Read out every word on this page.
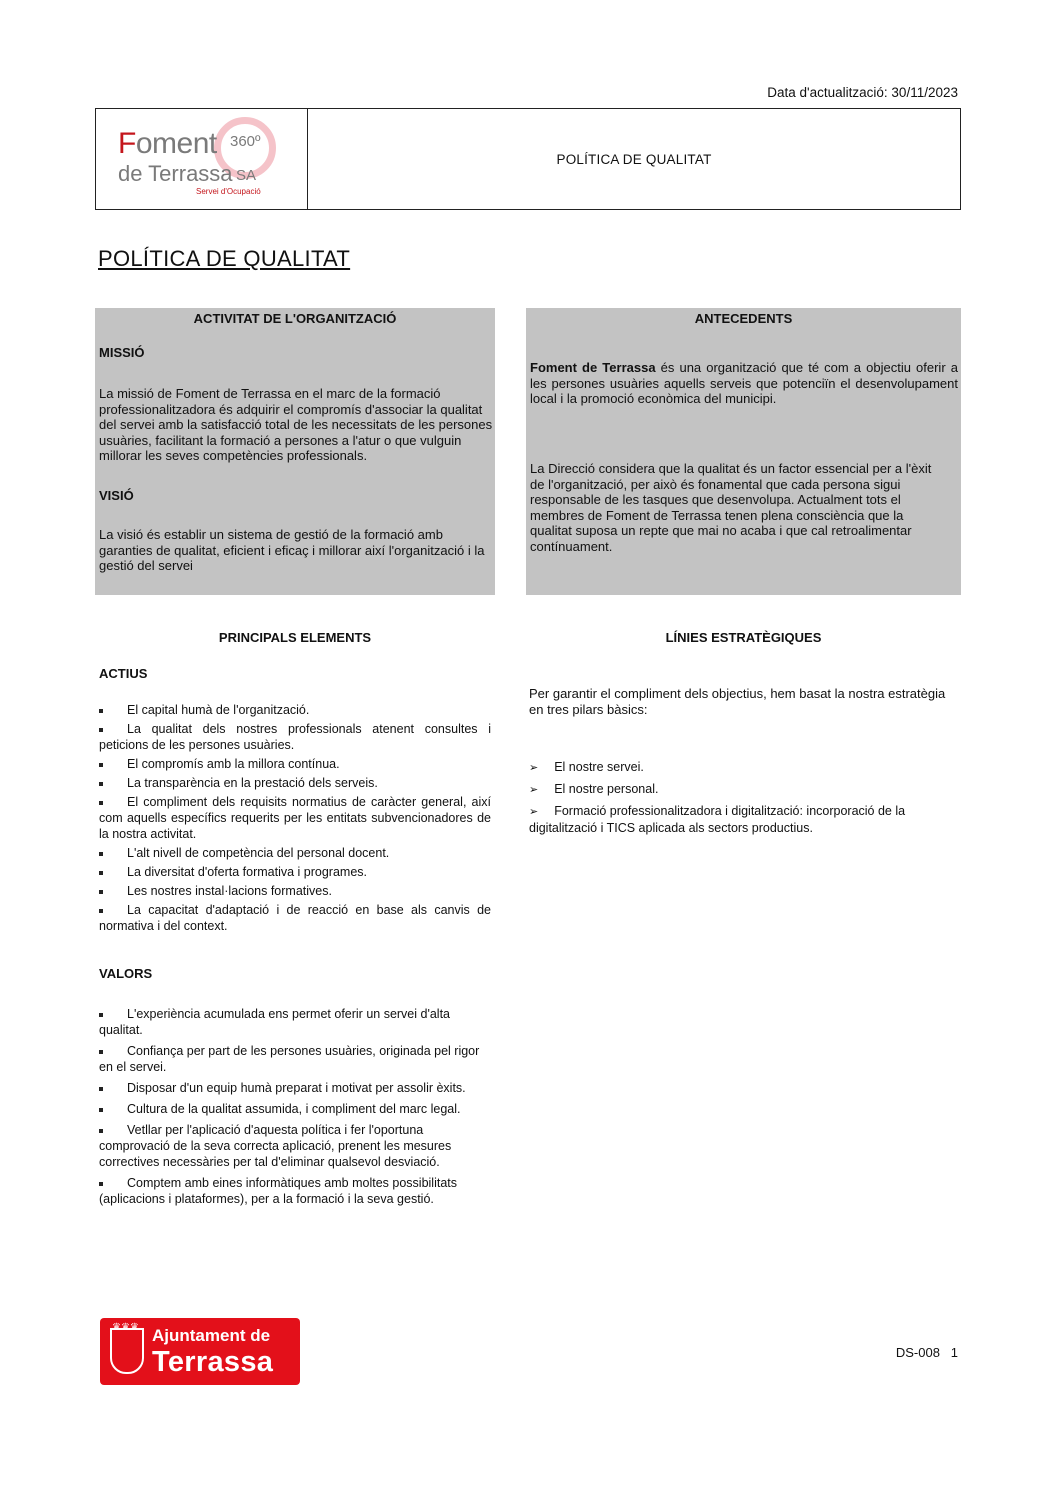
Data d'actualització: 30/11/2023
Foment 360º
de Terrassa SA
Servei d'Ocupació
POLÍTICA DE QUALITAT
POLÍTICA DE QUALITAT
ACTIVITAT DE L'ORGANITZACIÓ
MISSIÓ
La missió de Foment de Terrassa en el marc de la formació professionalitzadora és adquirir el compromís d'associar la qualitat del servei amb la satisfacció total de les necessitats de les persones usuàries, facilitant la formació a persones a l'atur o que vulguin millorar les seves competències professionals.
VISIÓ
La visió és establir un sistema de gestió de la formació amb garanties de qualitat, eficient i eficaç i millorar així l'organització i la gestió del servei
ANTECEDENTS
Foment de Terrassa és una organització que té com a objectiu oferir a les persones usuàries aquells serveis que potenciïn el desenvolupament local i la promoció econòmica del municipi.
La Direcció considera que la qualitat és un factor essencial per a l'èxit de l'organització, per això és fonamental que cada persona sigui responsable de les tasques que desenvolupa. Actualment tots el membres de Foment de Terrassa tenen plena consciència que la qualitat suposa un repte que mai no acaba i que cal retroalimentar contínuament.
PRINCIPALS ELEMENTS
ACTIUS
El capital humà de l'organització.
La qualitat dels nostres professionals atenent consultes i peticions de les persones usuàries.
El compromís amb la millora contínua.
La transparència en la prestació dels serveis.
El compliment dels requisits normatius de caràcter general, així com aquells específics requerits per les entitats subvencionadores de la nostra activitat.
L'alt nivell de competència del personal docent.
La diversitat d'oferta formativa i programes.
Les nostres instal·lacions formatives.
La capacitat d'adaptació i de reacció en base als canvis de normativa i del context.
VALORS
L'experiència acumulada ens permet oferir un servei d'alta qualitat.
Confiança per part de les persones usuàries, originada pel rigor en el servei.
Disposar d'un equip humà preparat i motivat per assolir èxits.
Cultura de la qualitat assumida, i compliment del marc legal.
Vetllar per l'aplicació d'aquesta política i fer l'oportuna comprovació de la seva correcta aplicació, prenent les mesures correctives necessàries per tal d'eliminar qualsevol desviació.
Comptem amb eines informàtiques amb moltes possibilitats (aplicacions i plataformes), per a la formació i la seva gestió.
LÍNIES ESTRATÈGIQUES
Per garantir el compliment dels objectius, hem basat la nostra estratègia en tres pilars bàsics:
➢ El nostre servei.
➢ El nostre personal.
➢ Formació professionalitzadora i digitalització: incorporació de la digitalització i TICS aplicada als sectors productius.
♛♛♛ Ajuntament de
Terrassa	DS-008   1
